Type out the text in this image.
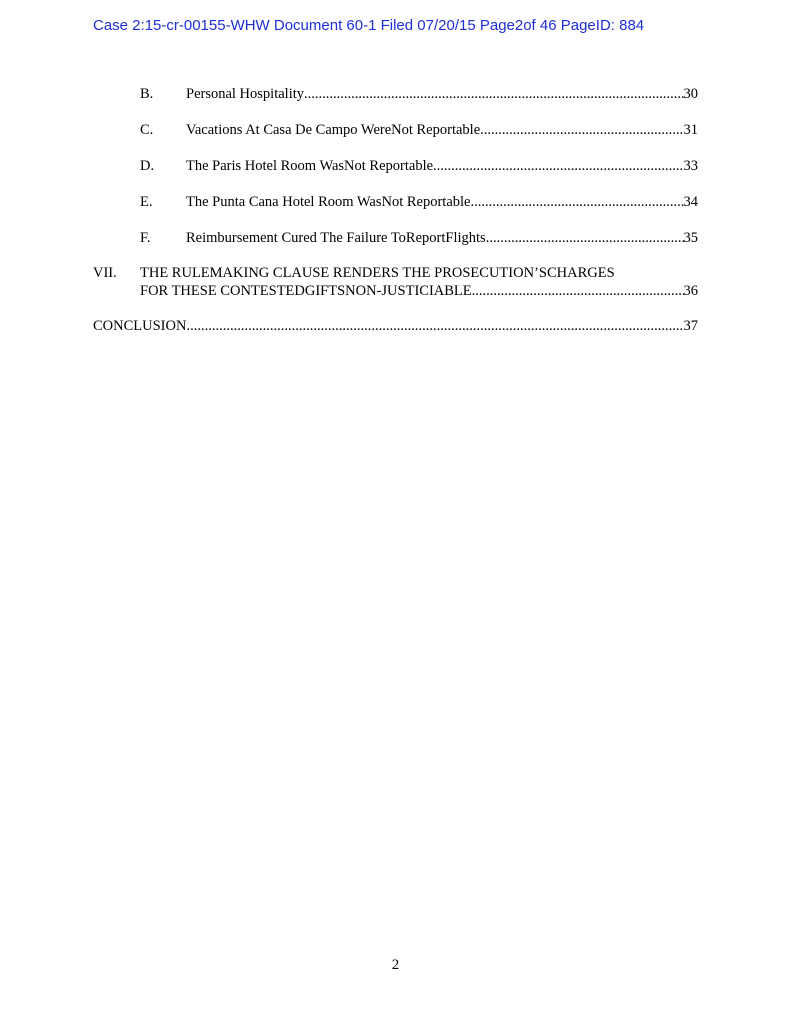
Case 2:15-cr-00155-WHW Document 60-1 Filed 07/20/15 Page2of 46 PageID: 884
B. Personal Hospitality .....	30
C. Vacations At Casa De Campo WereNot Reportable .....	31
D. The Paris Hotel Room WasNot Reportable .....	33
E. The Punta Cana Hotel Room WasNot Reportable .....	34
F. Reimbursement Cured The Failure ToReportFlights .....	35
VII. THE RULEMAKING CLAUSE RENDERS THE PROSECUTION’SCHARGES
FOR THESE CONTESTEDGIFTSNON-JUSTICIABLE .....	36
CONCLUSION .....	37
2
